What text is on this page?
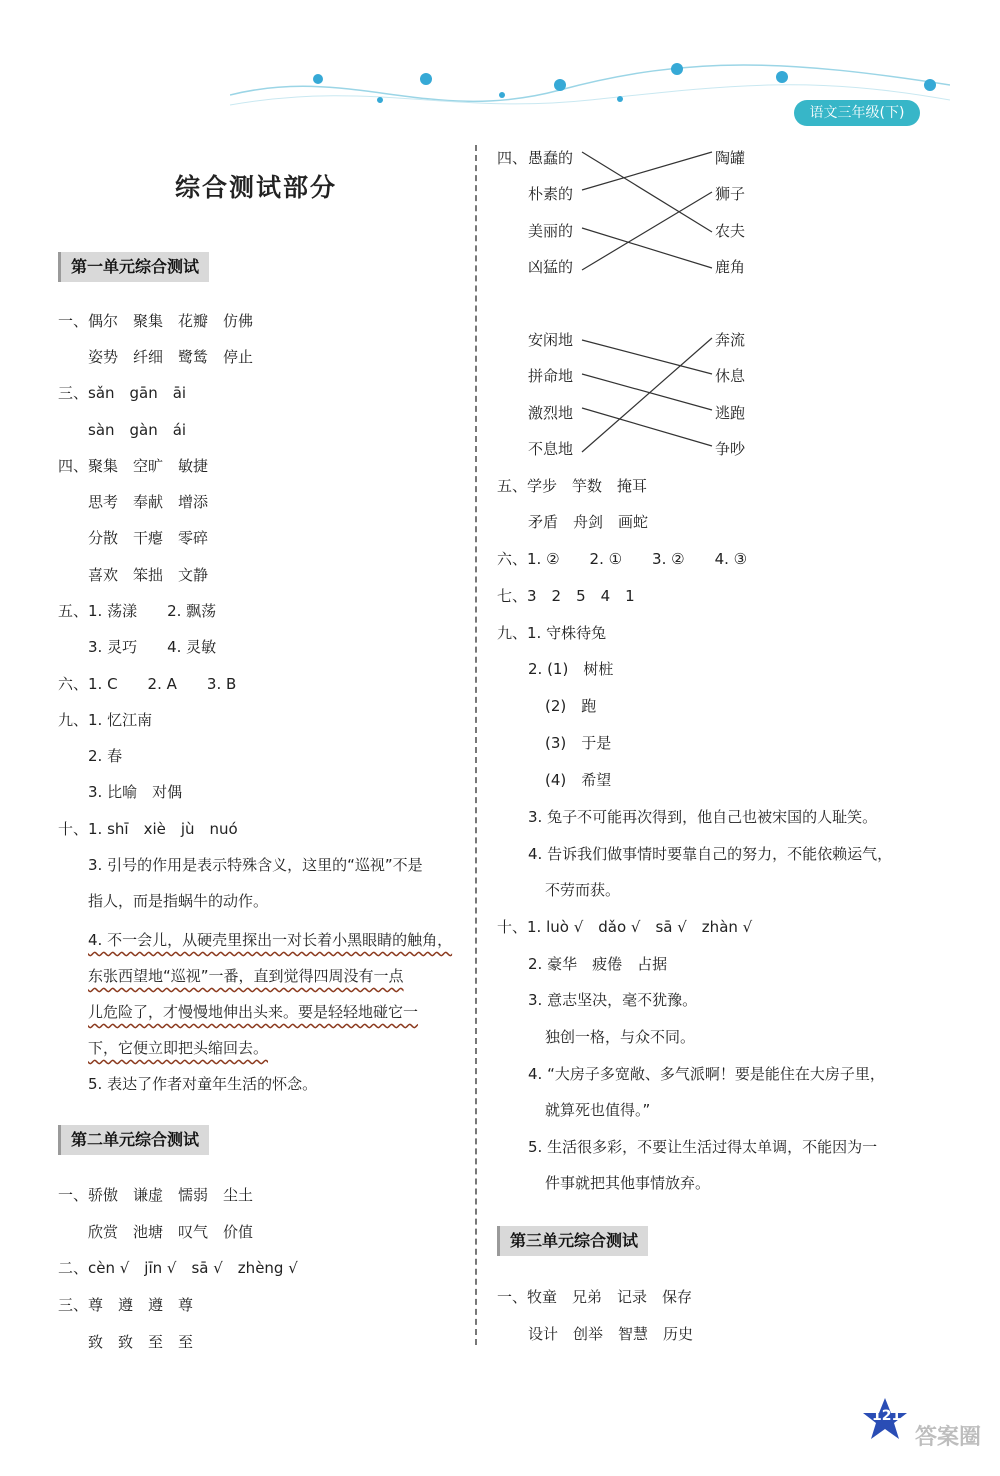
语文三年级(下)
综合测试部分
第一单元综合测试
一、偶尔　聚集　花瓣　仿佛
姿势　纤细　鹭鸶　停止
三、sǎn　gān　āi
sàn　gàn　ái
四、聚集　空旷　敏捷
思考　奉献　增添
分散　干瘪　零碎
喜欢　笨拙　文静
五、1. 荡漾　　2. 飘荡
3. 灵巧　　4. 灵敏
六、1. C　　2. A　　3. B
九、1. 忆江南
2. 春
3. 比喻　对偶
十、1. shī　xiè　jù　nuó
3. 引号的作用是表示特殊含义，这里的“巡视”不是
指人，而是指蜗牛的动作。
4. 不一会儿，从硬壳里探出一对长着小黑眼睛的触角，
东张西望地“巡视”一番，直到觉得四周没有一点
儿危险了，才慢慢地伸出头来。要是轻轻地碰它一
下，它便立即把头缩回去。
5. 表达了作者对童年生活的怀念。
第二单元综合测试
一、骄傲　谦虚　懦弱　尘土
欣赏　池塘　叹气　价值
二、cèn √　jīn √　sā √　zhèng √
三、尊　遵　遵　尊
致　致　至　至
四、 愚蠢的
朴素的
美丽的
凶猛的
陶罐
狮子
农夫
鹿角
安闲地
拼命地
激烈地
不息地
奔流
休息
逃跑
争吵
五、学步　竽数　掩耳
矛盾　舟剑　画蛇
六、1. ②　　2. ①　　3. ②　　4. ③
七、3　2　5　4　1
九、1. 守株待兔
2. (1)　树桩
(2)　跑
(3)　于是
(4)　希望
3. 兔子不可能再次得到，他自己也被宋国的人耻笑。
4. 告诉我们做事情时要靠自己的努力，不能依赖运气，
不劳而获。
十、1. luò √　dǎo √　sā √　zhàn √
2. 豪华　疲倦　占据
3. 意志坚决，毫不犹豫。
独创一格，与众不同。
4. “大房子多宽敞、多气派啊！要是能住在大房子里，
就算死也值得。”
5. 生活很多彩，不要让生活过得太单调，不能因为一
件事就把其他事情放弃。
第三单元综合测试
一、牧童　兄弟　记录　保存
设计　创举　智慧　历史
121
答案圈
